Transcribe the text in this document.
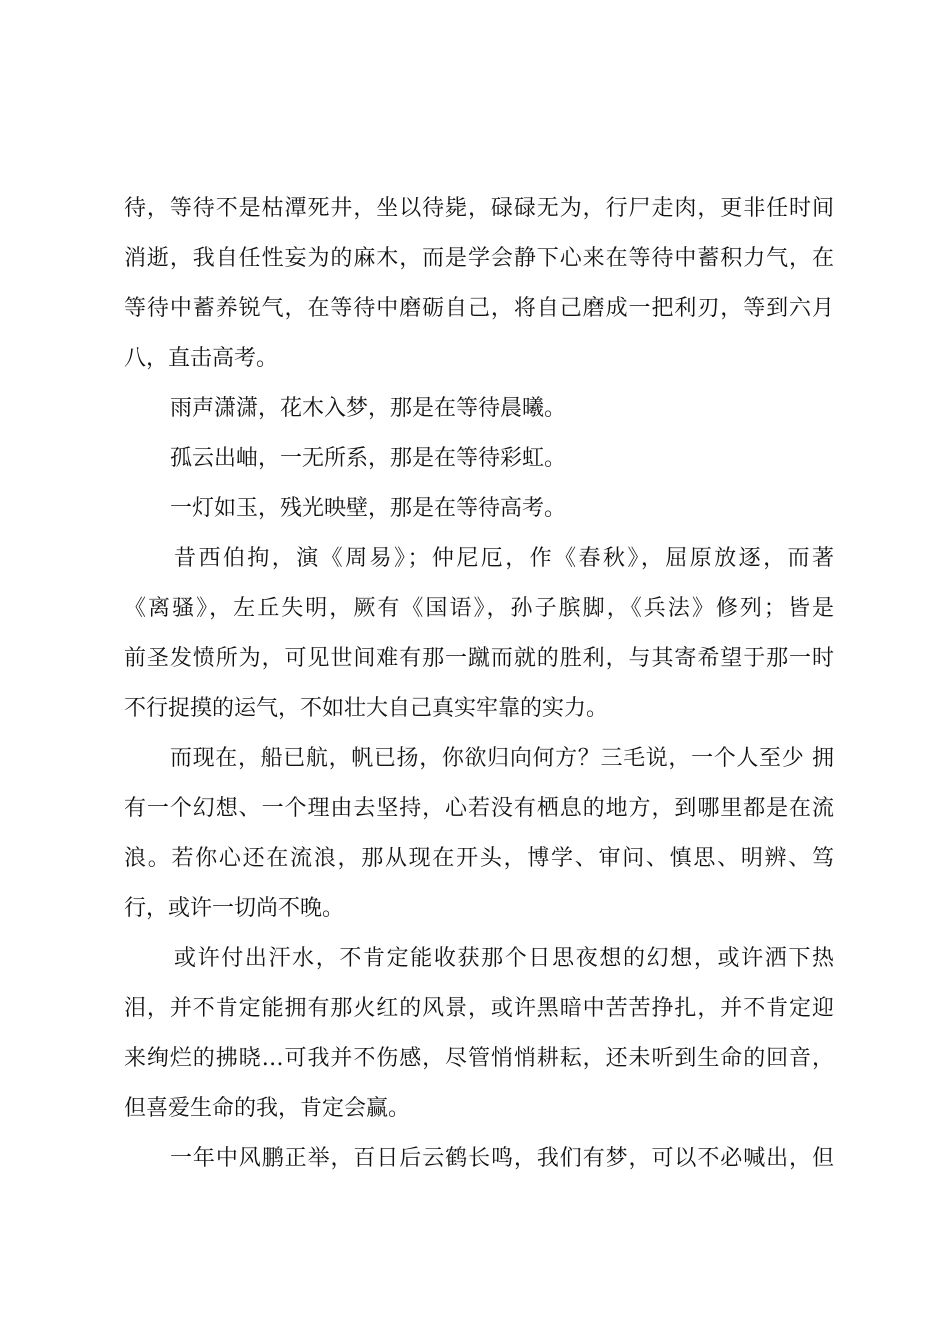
待，等待不是枯潭死井，坐以待毙，碌碌无为，行尸走肉，更非任时间
消逝，我自任性妄为的麻木，而是学会静下心来在等待中蓄积力气，在
等待中蓄养锐气，在等待中磨砺自己，将自己磨成一把利刃，等到六月
八，直击高考。
雨声潇潇，花木入梦，那是在等待晨曦。
孤云出岫，一无所系，那是在等待彩虹。
一灯如玉，残光映壁，那是在等待高考。
昔西伯拘，演《周易》；仲尼厄，作《春秋》，屈原放逐，而著
《离骚》，左丘失明，厥有《国语》，孙子膑脚，《兵法》修列；皆是
前圣发愤所为，可见世间难有那一蹴而就的胜利，与其寄希望于那一时
不行捉摸的运气，不如壮大自己真实牢靠的实力。
而现在，船已航，帆已扬，你欲归向何方？三毛说，一个人至少 拥
有一个幻想、一个理由去坚持，心若没有栖息的地方，到哪里都是在流
浪。若你心还在流浪，那从现在开头，博学、审问、慎思、明辨、笃
行，或许一切尚不晚。
或许付出汗水，不肯定能收获那个日思夜想的幻想，或许洒下热
泪，并不肯定能拥有那火红的风景，或许黑暗中苦苦挣扎，并不肯定迎
来绚烂的拂晓…可我并不伤感，尽管悄悄耕耘，还未听到生命的回音，
但喜爱生命的我，肯定会赢。
一年中风鹏正举，百日后云鹤长鸣，我们有梦，可以不必喊出，但
